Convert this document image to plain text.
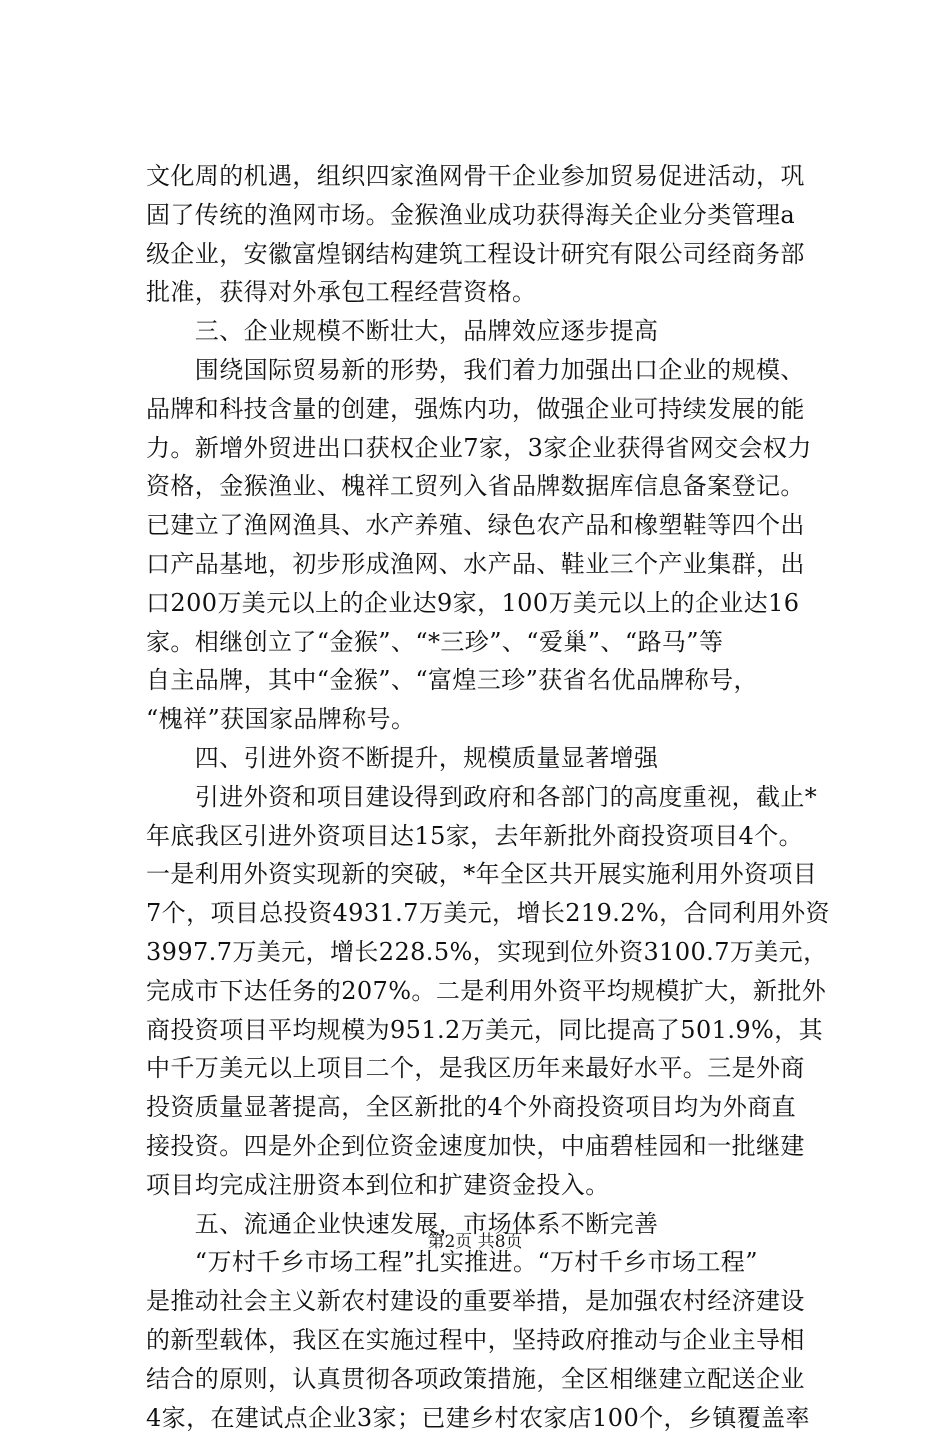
文化周的机遇，组织四家渔网骨干企业参加贸易促进活动，巩
固了传统的渔网市场。金猴渔业成功获得海关企业分类管理a
级企业，安徽富煌钢结构建筑工程设计研究有限公司经商务部
批准，获得对外承包工程经营资格。
　　三、企业规模不断壮大，品牌效应逐步提高
　　围绕国际贸易新的形势，我们着力加强出口企业的规模、
品牌和科技含量的创建，强炼内功，做强企业可持续发展的能
力。新增外贸进出口获权企业7家，3家企业获得省网交会权力
资格，金猴渔业、槐祥工贸列入省品牌数据库信息备案登记。
已建立了渔网渔具、水产养殖、绿色农产品和橡塑鞋等四个出
口产品基地，初步形成渔网、水产品、鞋业三个产业集群，出
口200万美元以上的企业达9家，100万美元以上的企业达16
家。相继创立了“金猴”、“*三珍”、“爱巢”、“路马”等
自主品牌，其中“金猴”、“富煌三珍”获省名优品牌称号，
“槐祥”获国家品牌称号。
　　四、引进外资不断提升，规模质量显著增强
　　引进外资和项目建设得到政府和各部门的高度重视，截止*
年底我区引进外资项目达15家，去年新批外商投资项目4个。
一是利用外资实现新的突破，*年全区共开展实施利用外资项目
7个，项目总投资4931.7万美元，增长219.2%，合同利用外资
3997.7万美元，增长228.5%，实现到位外资3100.7万美元，
完成市下达任务的207%。二是利用外资平均规模扩大，新批外
商投资项目平均规模为951.2万美元，同比提高了501.9%，其
中千万美元以上项目二个，是我区历年来最好水平。三是外商
投资质量显著提高，全区新批的4个外商投资项目均为外商直
接投资。四是外企到位资金速度加快，中庙碧桂园和一批继建
项目均完成注册资本到位和扩建资金投入。
　　五、流通企业快速发展，市场体系不断完善
　　“万村千乡市场工程”扎实推进。“万村千乡市场工程”
是推动社会主义新农村建设的重要举措，是加强农村经济建设
的新型载体，我区在实施过程中，坚持政府推动与企业主导相
结合的原则，认真贯彻各项政策措施，全区相继建立配送企业
4家，在建试点企业3家；已建乡村农家店100个，乡镇覆盖率
第2页 共8页
